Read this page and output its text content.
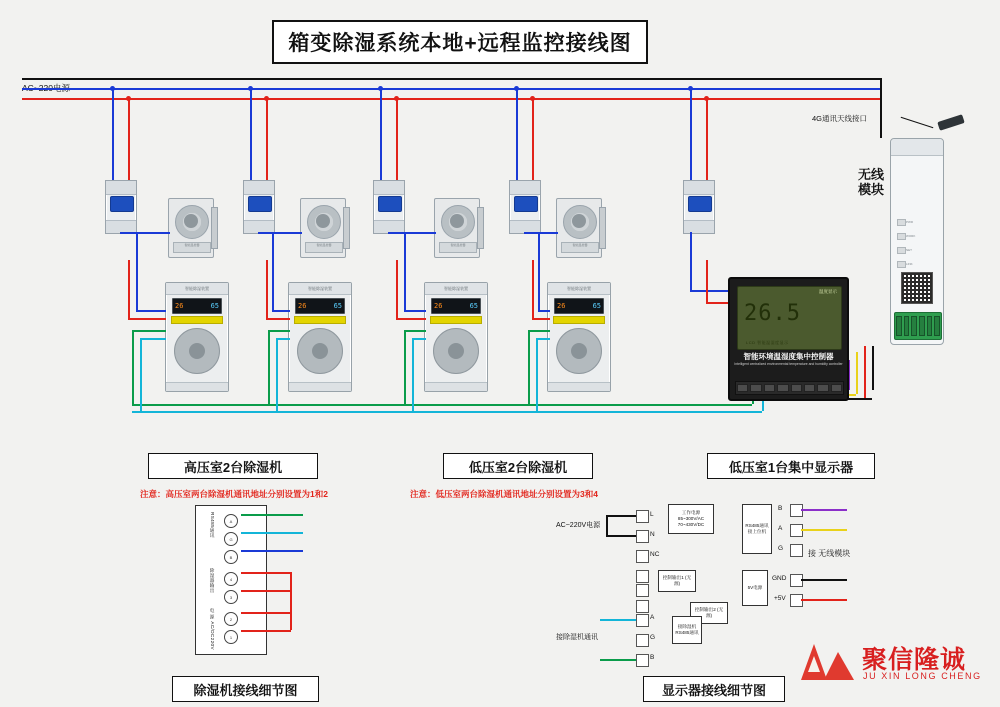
箱变除湿系统本地+远程监控接线图
智能温控器	智能温控器	智能温控器	智能温控器
智能除湿装置
26	65
智能除湿装置
26	65
智能除湿装置
26	65
智能除湿装置
26	65
温度显示
26.5
LCD 智能温湿度显示
智能环境温湿度集中控制器
Intelligent centralized environmental temperature and humidity controller
4G通讯天线接口
无线模块
PWR
WORK
NET
LINK
高压室2台除湿机
注意：高压室两台除湿机通讯地址分别设置为1和2
低压室2台除湿机
注意：低压室两台除湿机通讯地址分别设置为3和4
低压室1台集中显示器
A
G
B
4
3
2
1
RS485通讯
除湿器输出
电 源 AC/DC220V
除湿机接线细节图
L
N
NC
AC~220V电源
工作电源 85~300V/AC 70~430V/DC
控制输出1 (无源)
控制输出2 (无源)
A
G
B
接除湿机通讯
接除湿机 RS485通讯
B
A
G
RS485通讯 接上位机
GND
+5V
5V电源
接 无线模块
显示器接线细节图
聚信隆诚
JU XIN LONG CHENG
